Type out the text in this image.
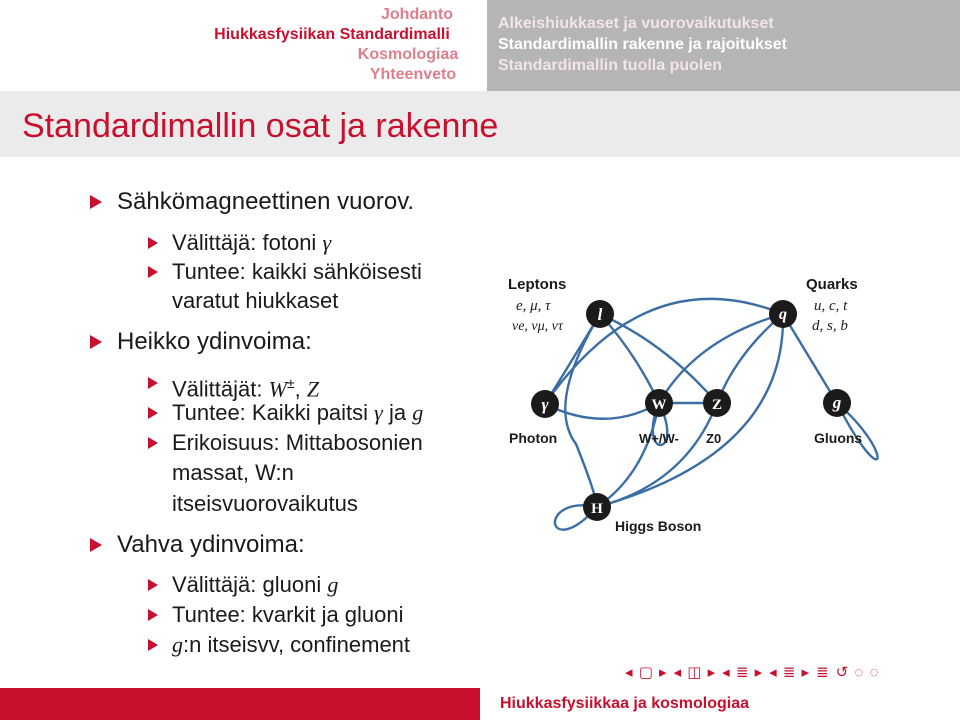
Johdanto
Hiukkasfysiikan Standardimalli
Kosmologiaa
Yhteenveto
Alkeishiukkaset ja vuorovaikutukset
Standardimallin rakenne ja rajoitukset
Standardimallin tuolla puolen
Standardimallin osat ja rakenne
Sähkömagneettinen vuorov.
Välittäjä: fotoni γ
Tuntee: kaikki sähköisesti
varatut hiukkaset
Heikko ydinvoima:
Välittäjät: W±, Z
Tuntee: Kaikki paitsi γ ja g
Erikoisuus: Mittabosonien
massat, W:n
itseisvuorovaikutus
Vahva ydinvoima:
Välittäjä: gluoni g
Tuntee: kvarkit ja gluoni
g:n itseisvv, confinement
Leptons
e, μ, τ
νe, νμ, ντ
Quarks
u, c, t
d, s, b
l	q
γ	W	Z	g
H
Photon	W+/W- Z0	Gluons
Higgs Boson
◂ ▢ ▸ ◂ ◫ ▸ ◂ ≣ ▸ ◂ ≣ ▸ ≣ ↺ ◌ ◌
Aleksi Vuorinen (Bielefeld)	Hiukkasfysiikkaa ja kosmologiaa
